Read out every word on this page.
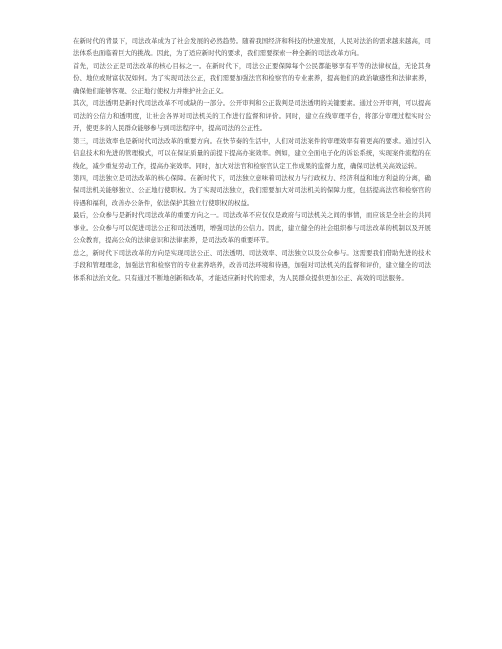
在新时代的背景下，司法改革成为了社会发展的必然趋势。随着我国经济和科技的快速发展，人民对法治的需求越来越高，司法体系也面临着巨大的挑战。因此，为了适应新时代的要求，我们需要探索一种全新的司法改革方向。

首先，司法公正是司法改革的核心目标之一。在新时代下，司法公正要保障每个公民都能够享有平等的法律权益，无论其身份、地位或财富状况如何。为了实现司法公正，我们需要加强法官和检察官的专业素养，提高他们的政治敏感性和法律素养，确保他们能够客观、公正地行使权力并维护社会正义。

其次，司法透明是新时代司法改革不可或缺的一部分。公开审判和公正裁判是司法透明的关键要素。通过公开审判，可以提高司法的公信力和透明度，让社会各界对司法机关的工作进行监督和评价。同时，建立在线审理平台，将部分审理过程实时公开，使更多的人民群众能够参与到司法程序中，提高司法的公正性。

第三，司法效率也是新时代司法改革的重要方向。在快节奏的生活中，人们对司法案件的审理效率有着更高的要求。通过引入信息技术和先进的管理模式，可以在保证质量的前提下提高办案效率。例如，建立全面电子化的诉讼系统，实现案件流程的在线化，减少重复劳动工作，提高办案效率。同时，加大对法官和检察官认定工作成果的监督力度，确保司法机关高效运转。

第四，司法独立是司法改革的核心保障。在新时代下，司法独立意味着司法权力与行政权力、经济利益和地方利益的分离，确保司法机关能够独立、公正地行使职权。为了实现司法独立，我们需要加大对司法机关的保障力度，包括提高法官和检察官的待遇和福利，改善办公条件，依法保护其独立行使职权的权益。

最后，公众参与是新时代司法改革的重要方向之一。司法改革不应仅仅是政府与司法机关之间的事情，而应该是全社会的共同事业。公众参与可以促进司法公正和司法透明，增强司法的公信力。因此，建立健全的社会组织参与司法改革的机制以及开展公众教育，提高公众的法律意识和法律素养，是司法改革的重要环节。

总之，新时代下司法改革的方向是实现司法公正、司法透明、司法效率、司法独立以及公众参与。这需要我们借助先进的技术手段和管理理念，加强法官和检察官的专业素养培养，改善司法环境和待遇，加强对司法机关的监督和评价，建立健全的司法体系和法治文化。只有通过不断地创新和改革，才能适应新时代的需求，为人民群众提供更加公正、高效的司法服务。
